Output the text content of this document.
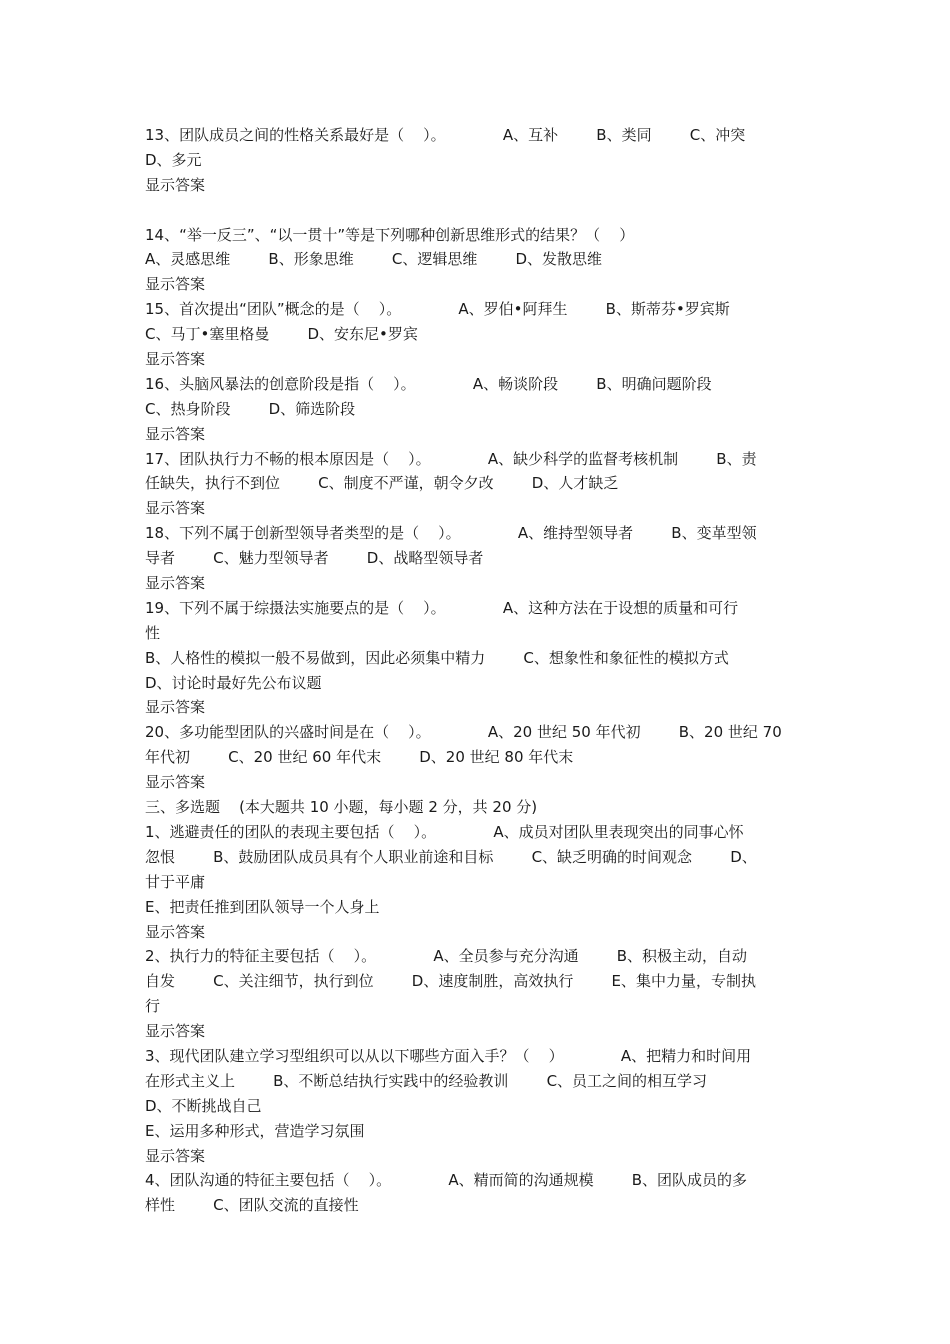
13、团队成员之间的性格关系最好是（    ）。            A、互补        B、类同        C、冲突
D、多元
显示答案
14、“举一反三”、“以一贯十”等是下列哪种创新思维形式的结果？（    ）
A、灵感思维        B、形象思维        C、逻辑思维        D、发散思维
显示答案
15、首次提出“团队”概念的是（    ）。            A、罗伯•阿拜生        B、斯蒂芬•罗宾斯
C、马丁•塞里格曼        D、安东尼•罗宾
显示答案
16、头脑风暴法的创意阶段是指（    ）。            A、畅谈阶段        B、明确问题阶段
C、热身阶段        D、筛选阶段
显示答案
17、团队执行力不畅的根本原因是（    ）。            A、缺少科学的监督考核机制        B、责
任缺失，执行不到位        C、制度不严谨，朝令夕改        D、人才缺乏
显示答案
18、下列不属于创新型领导者类型的是（    ）。            A、维持型领导者        B、变革型领
导者        C、魅力型领导者        D、战略型领导者
显示答案
19、下列不属于综摄法实施要点的是（    ）。            A、这种方法在于设想的质量和可行
性
B、人格性的模拟一般不易做到，因此必须集中精力        C、想象性和象征性的模拟方式
D、讨论时最好先公布议题
显示答案
20、多功能型团队的兴盛时间是在（    ）。            A、20 世纪 50 年代初        B、20 世纪 70
年代初        C、20 世纪 60 年代末        D、20 世纪 80 年代末
显示答案
三、多选题    (本大题共 10 小题，每小题 2 分，共 20 分)
1、逃避责任的团队的表现主要包括（    ）。            A、成员对团队里表现突出的同事心怀
忽恨        B、鼓励团队成员具有个人职业前途和目标        C、缺乏明确的时间观念        D、
甘于平庸
E、把责任推到团队领导一个人身上
显示答案
2、执行力的特征主要包括（    ）。            A、全员参与充分沟通        B、积极主动，自动
自发        C、关注细节，执行到位        D、速度制胜，高效执行        E、集中力量，专制执
行
显示答案
3、现代团队建立学习型组织可以从以下哪些方面入手？（    ）            A、把精力和时间用
在形式主义上        B、不断总结执行实践中的经验教训        C、员工之间的相互学习
D、不断挑战自己
E、运用多种形式，营造学习氛围
显示答案
4、团队沟通的特征主要包括（    ）。            A、精而简的沟通规模        B、团队成员的多
样性        C、团队交流的直接性
